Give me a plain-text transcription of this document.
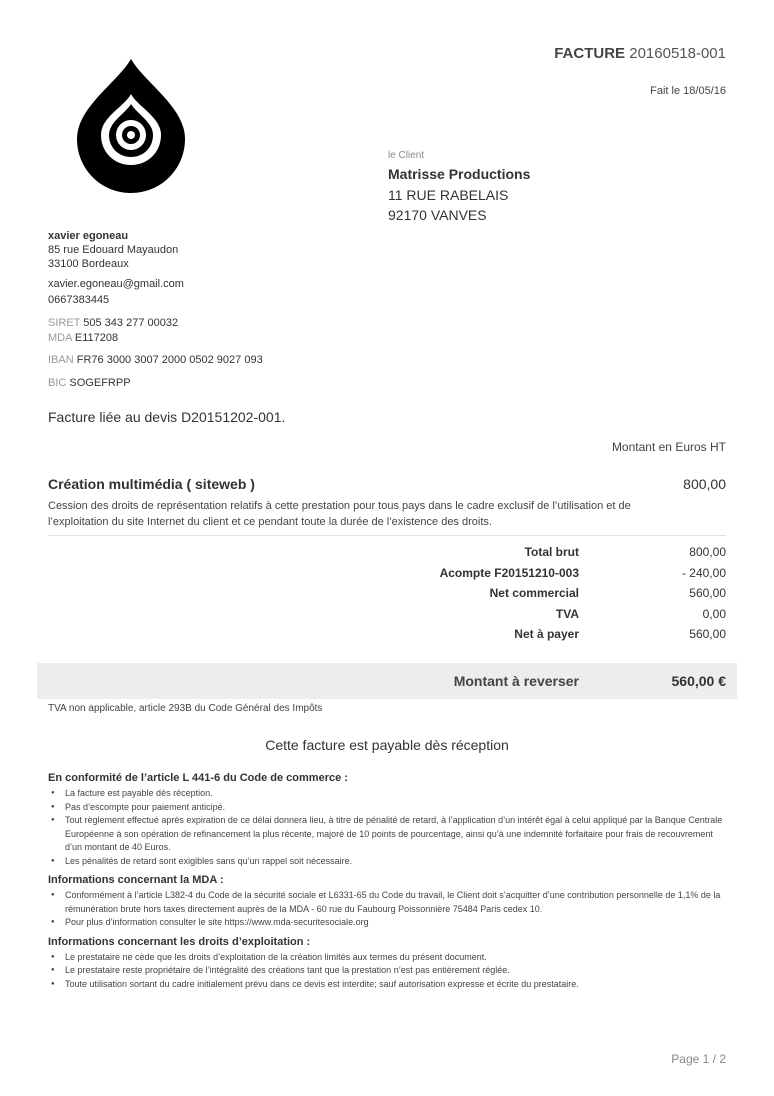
FACTURE 20160518-001
Fait le 18/05/16
le Client
Matrisse Productions
11 RUE RABELAIS
92170 VANVES
xavier egoneau
85 rue Edouard Mayaudon
33100 Bordeaux
xavier.egoneau@gmail.com
0667383445
SIRET 505 343 277 00032
MDA E117208
IBAN FR76 3000 3007 2000 0502 9027 093
BIC SOGEFRPP
Facture liée au devis D20151202-001.
Montant en Euros HT
Création multimédia ( siteweb )	800,00
Cession des droits de représentation relatifs à cette prestation pour tous pays dans le cadre exclusif de l’utilisation et de l’exploitation du site Internet du client et ce pendant toute la durée de l’existence des droits.
Total brut	800,00
Acompte F20151210-003	- 240,00
Net commercial	560,00
TVA	0,00
Net à payer	560,00
Montant à reverser	560,00 €
TVA non applicable, article 293B du Code Général des Impôts
Cette facture est payable dès réception
En conformité de l’article L 441-6 du Code de commerce :
● La facture est payable dès réception.
● Pas d’escompte pour paiement anticipé.
● Tout règlement effectué après expiration de ce délai donnera lieu, à titre de pénalité de retard, à l’application d’un intérêt égal à celui appliqué par la Banque Centrale Européenne à son opération de refinancement la plus récente, majoré de 10 points de pourcentage, ainsi qu’à une indemnité forfaitaire pour frais de recouvrement d’un montant de 40 Euros.
● Les pénalités de retard sont exigibles sans qu’un rappel soit nécessaire.
Informations concernant la MDA :
● Conformément à l’article L382-4 du Code de la sécurité sociale et L6331-65 du Code du travail, le Client doit s’acquitter d’une contribution personnelle de 1,1% de la rémunération brute hors taxes directement auprès de la MDA - 60 rue du Faubourg Poissonnière 75484 Paris cedex 10.
● Pour plus d’information consulter le site https://www.mda-securitesociale.org
Informations concernant les droits d’exploitation :
● Le prestataire ne cède que les droits d’exploitation de la création limités aux termes du présent document.
● Le prestataire reste propriétaire de l’intégralité des créations tant que la prestation n’est pas entièrement réglée.
● Toute utilisation sortant du cadre initialement prévu dans ce devis est interdite; sauf autorisation expresse et écrite du prestataire.
Page 1 / 2
